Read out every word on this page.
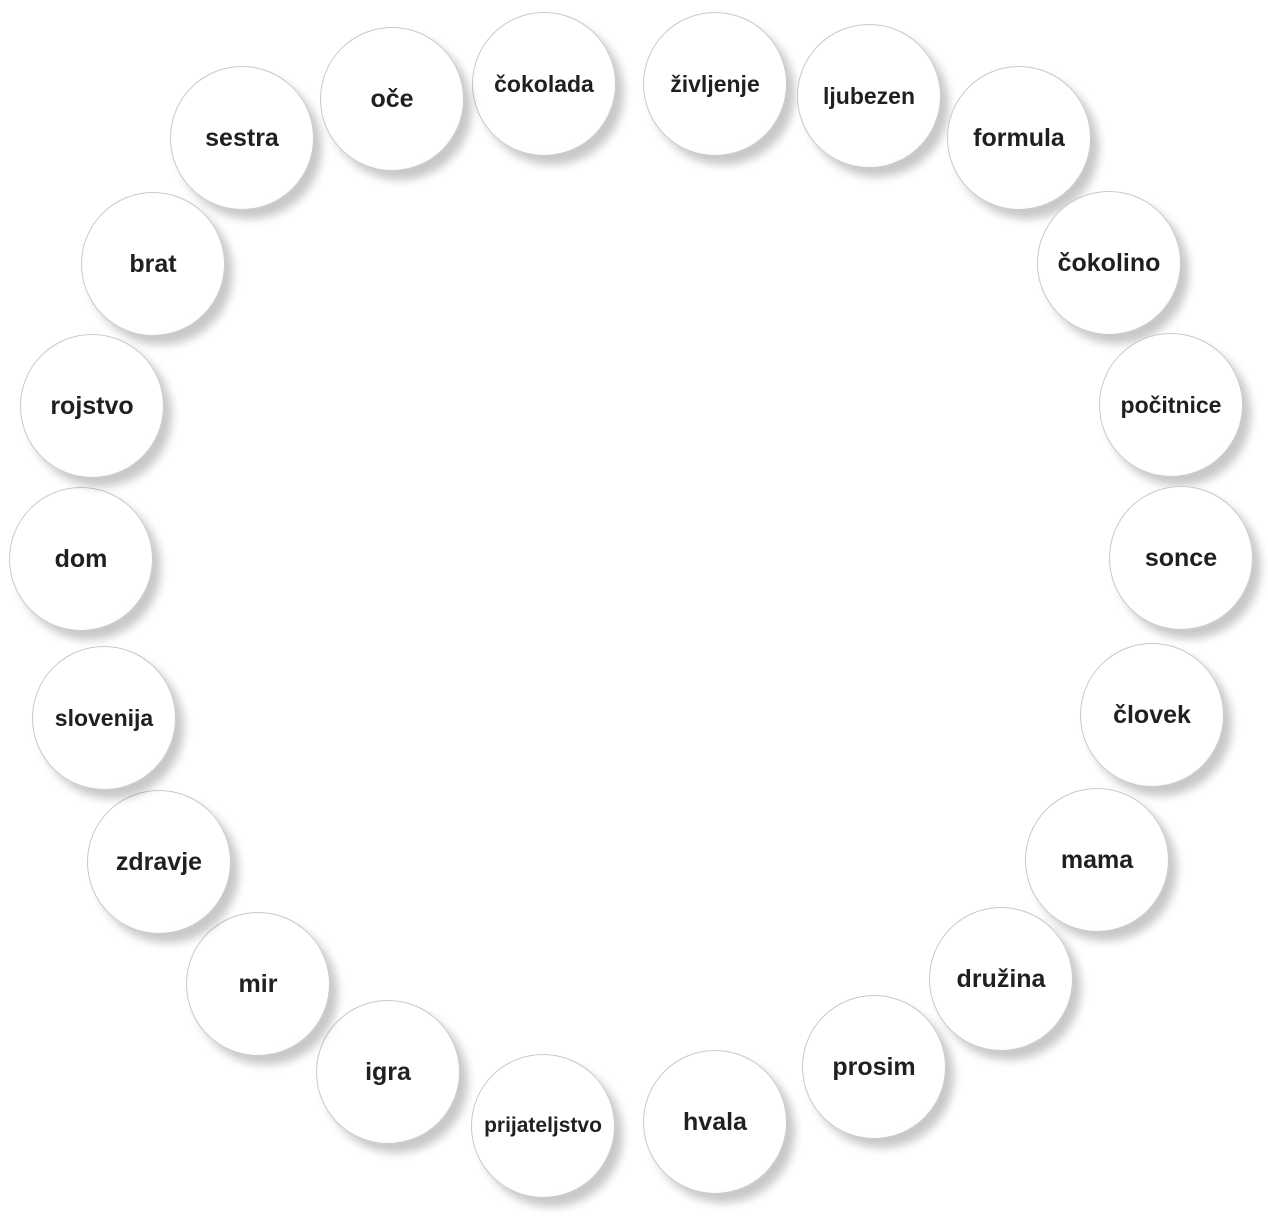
čokolada	življenje	ljubezen
formula
čokolino
počitnice
sonce
človek
mama
družina
prosim
hvala
prijateljstvo
igra
mir
zdravje
slovenija
dom
rojstvo
brat
sestra
oče
